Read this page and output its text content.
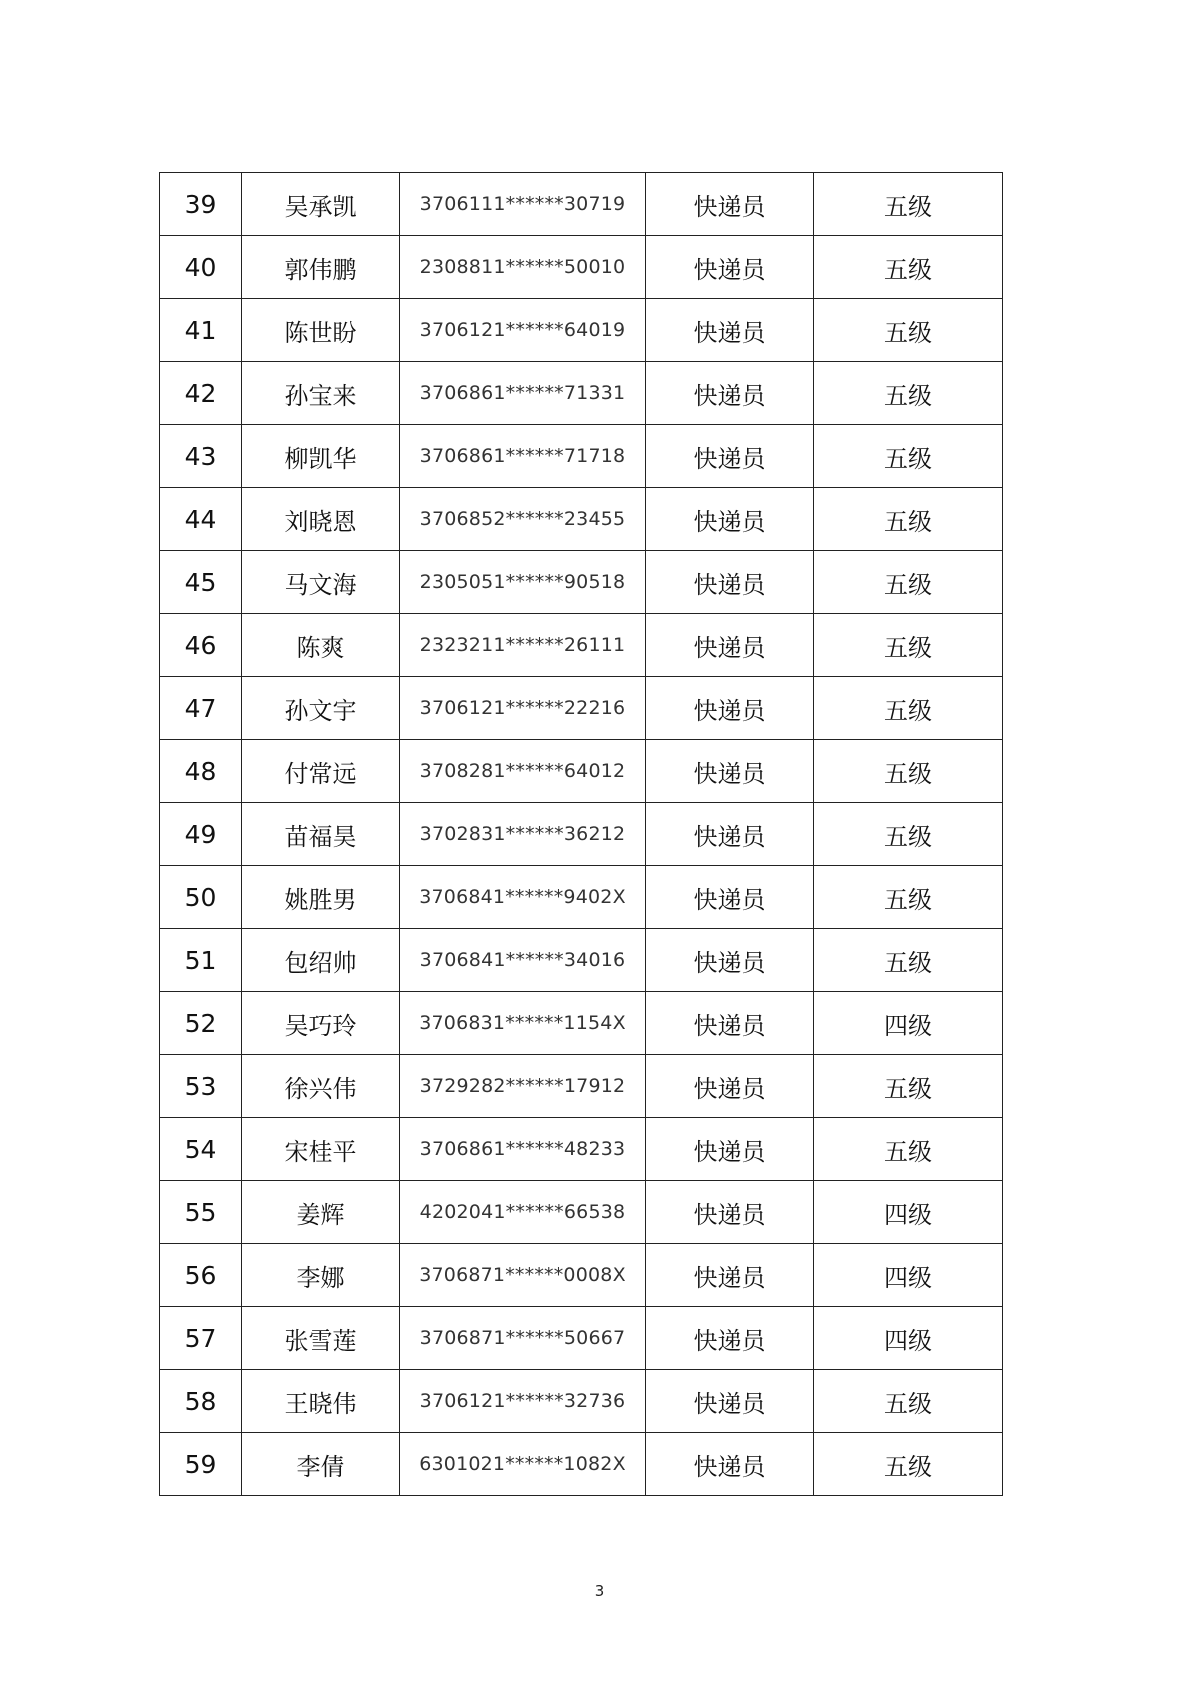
39	吴承凯	3706111******30719	快递员	五级
40	郭伟鹏	2308811******50010	快递员	五级
41	陈世盼	3706121******64019	快递员	五级
42	孙宝来	3706861******71331	快递员	五级
43	柳凯华	3706861******71718	快递员	五级
44	刘晓恩	3706852******23455	快递员	五级
45	马文海	2305051******90518	快递员	五级
46	陈爽	2323211******26111	快递员	五级
47	孙文宇	3706121******22216	快递员	五级
48	付常远	3708281******64012	快递员	五级
49	苗福昊	3702831******36212	快递员	五级
50	姚胜男	3706841******9402X	快递员	五级
51	包绍帅	3706841******34016	快递员	五级
52	吴巧玲	3706831******1154X	快递员	四级
53	徐兴伟	3729282******17912	快递员	五级
54	宋桂平	3706861******48233	快递员	五级
55	姜辉	4202041******66538	快递员	四级
56	李娜	3706871******0008X	快递员	四级
57	张雪莲	3706871******50667	快递员	四级
58	王晓伟	3706121******32736	快递员	五级
59	李倩	6301021******1082X	快递员	五级
3
